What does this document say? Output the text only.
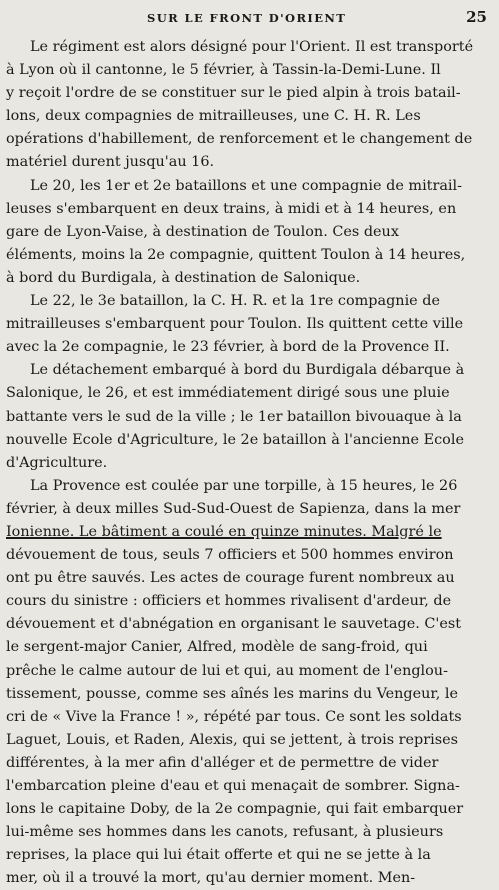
SUR LE FRONT D'ORIENT	25
Le régiment est alors désigné pour l'Orient. Il est transporté
à Lyon où il cantonne, le 5 février, à Tassin-la-Demi-Lune. Il
y reçoit l'ordre de se constituer sur le pied alpin à trois batail-
lons, deux compagnies de mitrailleuses, une C. H. R. Les
opérations d'habillement, de renforcement et le changement de
matériel durent jusqu'au 16.
Le 20, les 1er et 2e bataillons et une compagnie de mitrail-
leuses s'embarquent en deux trains, à midi et à 14 heures, en
gare de Lyon-Vaise, à destination de Toulon. Ces deux
éléments, moins la 2e compagnie, quittent Toulon à 14 heures,
à bord du Burdigala, à destination de Salonique.
Le 22, le 3e bataillon, la C. H. R. et la 1re compagnie de
mitrailleuses s'embarquent pour Toulon. Ils quittent cette ville
avec la 2e compagnie, le 23 février, à bord de la Provence II.
Le détachement embarqué à bord du Burdigala débarque à
Salonique, le 26, et est immédiatement dirigé sous une pluie
battante vers le sud de la ville ; le 1er bataillon bivouaque à la
nouvelle Ecole d'Agriculture, le 2e bataillon à l'ancienne Ecole
d'Agriculture.
La Provence est coulée par une torpille, à 15 heures, le 26
février, à deux milles Sud-Sud-Ouest de Sapienza, dans la mer
Ionienne. Le bâtiment a coulé en quinze minutes. Malgré le
dévouement de tous, seuls 7 officiers et 500 hommes environ
ont pu être sauvés. Les actes de courage furent nombreux au
cours du sinistre : officiers et hommes rivalisent d'ardeur, de
dévouement et d'abnégation en organisant le sauvetage. C'est
le sergent-major Canier, Alfred, modèle de sang-froid, qui
prêche le calme autour de lui et qui, au moment de l'englou-
tissement, pousse, comme ses aînés les marins du Vengeur, le
cri de « Vive la France ! », répété par tous. Ce sont les soldats
Laguet, Louis, et Raden, Alexis, qui se jettent, à trois reprises
différentes, à la mer afin d'alléger et de permettre de vider
l'embarcation pleine d'eau et qui menaçait de sombrer. Signa-
lons le capitaine Doby, de la 2e compagnie, qui fait embarquer
lui-même ses hommes dans les canots, refusant, à plusieurs
reprises, la place qui lui était offerte et qui ne se jette à la
mer, où il a trouvé la mort, qu'au dernier moment. Men-
